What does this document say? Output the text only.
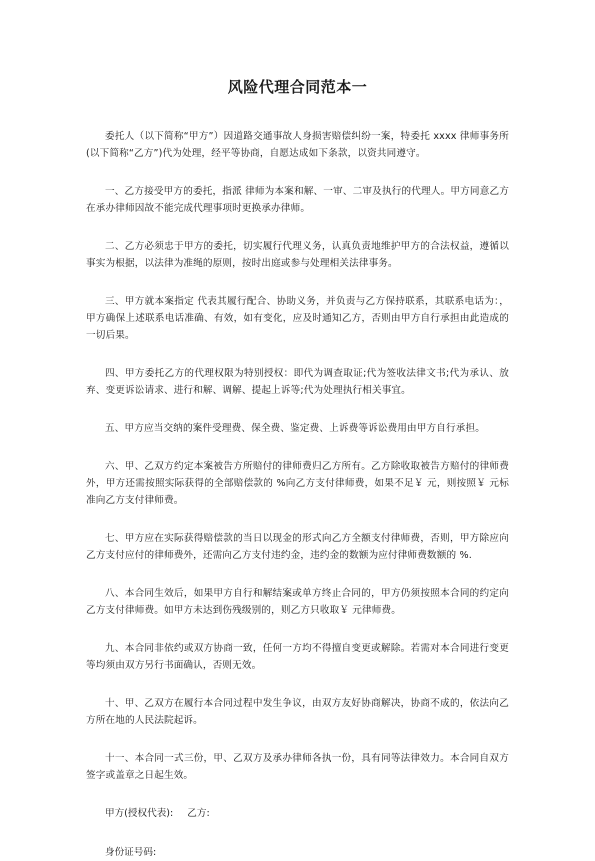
风险代理合同范本一

委托人（以下简称“甲方”）因道路交通事故人身损害赔偿纠纷一案，特委托 xxxx 律师事务所(以下简称“乙方”)代为处理，经平等协商，自愿达成如下条款，以资共同遵守。

一、乙方接受甲方的委托，指派 律师为本案和解、一审、二审及执行的代理人。甲方同意乙方在承办律师因故不能完成代理事项时更换承办律师。

二、乙方必须忠于甲方的委托，切实履行代理义务，认真负责地维护甲方的合法权益，遵循以事实为根据，以法律为准绳的原则，按时出庭或参与处理相关法律事务。

三、甲方就本案指定 代表其履行配合、协助义务，并负责与乙方保持联系，其联系电话为：，甲方确保上述联系电话准确、有效，如有变化，应及时通知乙方，否则由甲方自行承担由此造成的一切后果。

四、甲方委托乙方的代理权限为特别授权：即代为调查取证;代为签收法律文书;代为承认、放弃、变更诉讼请求、进行和解、调解、提起上诉等;代为处理执行相关事宜。

五、甲方应当交纳的案件受理费、保全费、鉴定费、上诉费等诉讼费用由甲方自行承担。

六、甲、乙双方约定本案被告方所赔付的律师费归乙方所有。乙方除收取被告方赔付的律师费外，甲方还需按照实际获得的全部赔偿款的 %向乙方支付律师费，如果不足￥ 元，则按照￥ 元标准向乙方支付律师费。

七、甲方应在实际获得赔偿款的当日以现金的形式向乙方全额支付律师费，否则，甲方除应向乙方支付应付的律师费外，还需向乙方支付违约金，违约金的数额为应付律师费数额的 %.

八、本合同生效后，如果甲方自行和解结案或单方终止合同的，甲方仍须按照本合同的约定向乙方支付律师费。如甲方未达到伤残级别的，则乙方只收取￥ 元律师费。

九、本合同非依约或双方协商一致，任何一方均不得擅自变更或解除。若需对本合同进行变更等均须由双方另行书面确认，否则无效。

十、甲、乙双方在履行本合同过程中发生争议，由双方友好协商解决，协商不成的，依法向乙方所在地的人民法院起诉。

十一、本合同一式三份，甲、乙双方及承办律师各执一份，具有同等法律效力。本合同自双方签字或盖章之日起生效。

甲方(授权代表): 乙方:

身份证号码:
